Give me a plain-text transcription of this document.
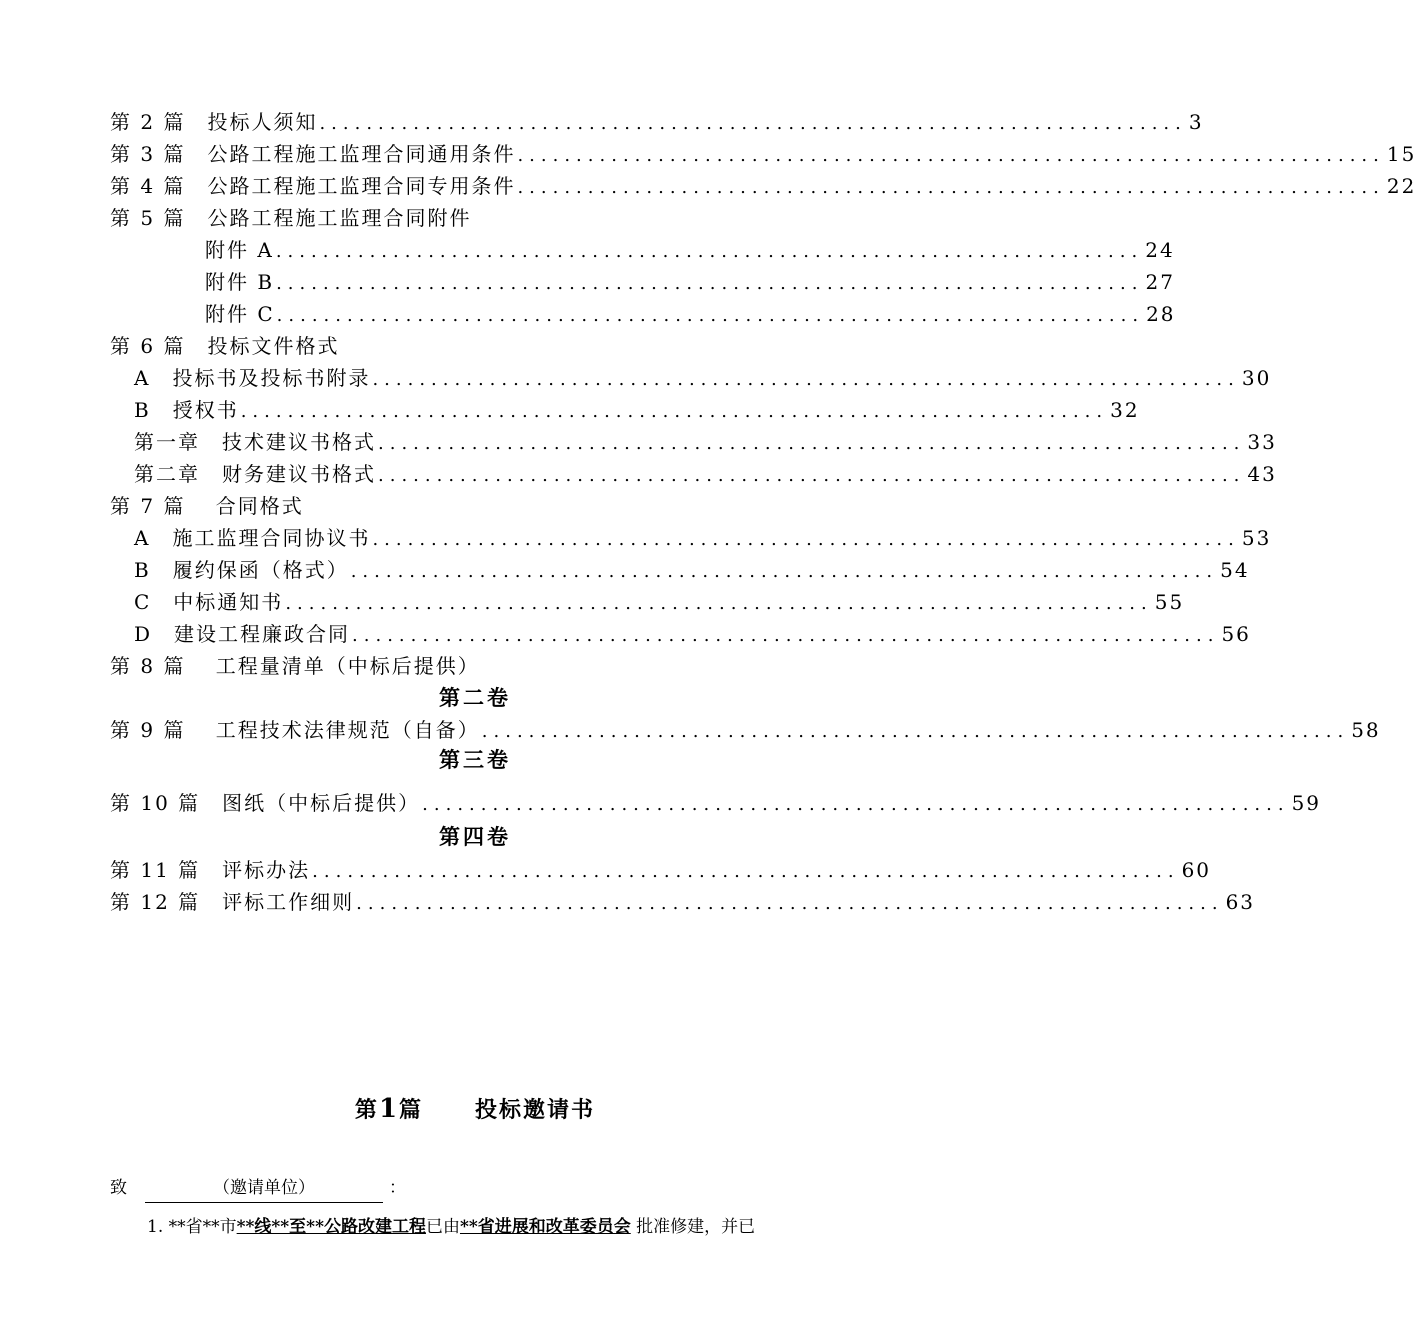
第 2 篇　投标人须知 .......................................................................... 3
第 3 篇　公路工程施工监理合同通用条件 .......................................................................... 15
第 4 篇　公路工程施工监理合同专用条件 .......................................................................... 22
第 5 篇　公路工程施工监理合同附件
附件 A .......................................................................... 24
附件 B .......................................................................... 27
附件 C .......................................................................... 28
第 6 篇　投标文件格式
A　投标书及投标书附录 .......................................................................... 30
B　授权书 .......................................................................... 32
第一章　技术建议书格式 .......................................................................... 33
第二章　财务建议书格式 .......................................................................... 43
第 7 篇　 合同格式
A　施工监理合同协议书 .......................................................................... 53
B　履约保函（格式） .......................................................................... 54
C　中标通知书 .......................................................................... 55
D　建设工程廉政合同 .......................................................................... 56
第 8 篇　 工程量清单（中标后提供）
第二卷
第 9 篇　 工程技术法律规范（自备） .......................................................................... 58
第三卷
第 10 篇　图纸（中标后提供） .......................................................................... 59
第四卷
第 11 篇　评标办法 .......................................................................... 60
第 12 篇　评标工作细则 .......................................................................... 63
第1篇 投标邀请书
致	（邀请单位）	：
1. **省**市**线**至**公路改建工程已由**省进展和改革委员会 批准修建，并已
